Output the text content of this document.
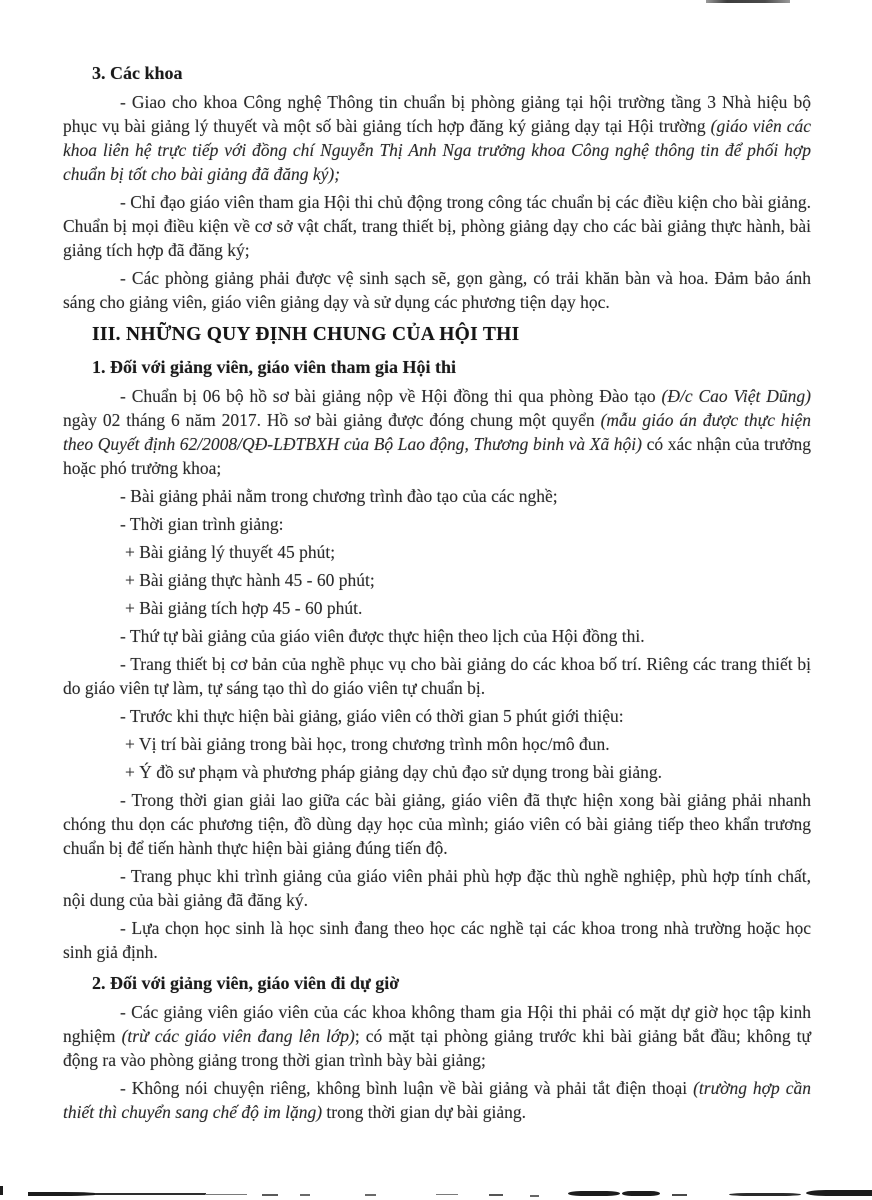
3. Các khoa
- Giao cho khoa Công nghệ Thông tin chuẩn bị phòng giảng tại hội trường tầng 3 Nhà hiệu bộ phục vụ bài giảng lý thuyết và một số bài giảng tích hợp đăng ký giảng dạy tại Hội trường (giáo viên các khoa liên hệ trực tiếp với đồng chí Nguyễn Thị Anh Nga trưởng khoa Công nghệ thông tin để phối hợp chuẩn bị tốt cho bài giảng đã đăng ký);
- Chỉ đạo giáo viên tham gia Hội thi chủ động trong công tác chuẩn bị các điều kiện cho bài giảng. Chuẩn bị mọi điều kiện về cơ sở vật chất, trang thiết bị, phòng giảng dạy cho các bài giảng thực hành, bài giảng tích hợp đã đăng ký;
- Các phòng giảng phải được vệ sinh sạch sẽ, gọn gàng, có trải khăn bàn và hoa. Đảm bảo ánh sáng cho giảng viên, giáo viên giảng dạy và sử dụng các phương tiện dạy học.
III. NHỮNG QUY ĐỊNH CHUNG CỦA HỘI THI
1. Đối với giảng viên, giáo viên tham gia Hội thi
- Chuẩn bị 06 bộ hồ sơ bài giảng nộp về Hội đồng thi qua phòng Đào tạo (Đ/c Cao Việt Dũng) ngày 02 tháng 6 năm 2017. Hồ sơ bài giảng được đóng chung một quyển (mẫu giáo án được thực hiện theo Quyết định 62/2008/QĐ-LĐTBXH của Bộ Lao động, Thương binh và Xã hội) có xác nhận của trưởng hoặc phó trưởng khoa;
- Bài giảng phải nằm trong chương trình đào tạo của các nghề;
- Thời gian trình giảng:
+ Bài giảng lý thuyết 45 phút;
+ Bài giảng thực hành 45 - 60 phút;
+ Bài giảng tích hợp 45 - 60 phút.
- Thứ tự bài giảng của giáo viên được thực hiện theo lịch của Hội đồng thi.
- Trang thiết bị cơ bản của nghề phục vụ cho bài giảng do các khoa bố trí. Riêng các trang thiết bị do giáo viên tự làm, tự sáng tạo thì do giáo viên tự chuẩn bị.
- Trước khi thực hiện bài giảng, giáo viên có thời gian 5 phút giới thiệu:
+ Vị trí bài giảng trong bài học, trong chương trình môn học/mô đun.
+ Ý đồ sư phạm và phương pháp giảng dạy chủ đạo sử dụng trong bài giảng.
- Trong thời gian giải lao giữa các bài giảng, giáo viên đã thực hiện xong bài giảng phải nhanh chóng thu dọn các phương tiện, đồ dùng dạy học của mình; giáo viên có bài giảng tiếp theo khẩn trương chuẩn bị để tiến hành thực hiện bài giảng đúng tiến độ.
- Trang phục khi trình giảng của giáo viên phải phù hợp đặc thù nghề nghiệp, phù hợp tính chất, nội dung của bài giảng đã đăng ký.
- Lựa chọn học sinh là học sinh đang theo học các nghề tại các khoa trong nhà trường hoặc học sinh giả định.
2. Đối với giảng viên, giáo viên đi dự giờ
- Các giảng viên giáo viên của các khoa không tham gia Hội thi phải có mặt dự giờ học tập kinh nghiệm (trừ các giáo viên đang lên lớp); có mặt tại phòng giảng trước khi bài giảng bắt đầu; không tự động ra vào phòng giảng trong thời gian trình bày bài giảng;
- Không nói chuyện riêng, không bình luận về bài giảng và phải tắt điện thoại (trường hợp cần thiết thì chuyển sang chế độ im lặng) trong thời gian dự bài giảng.
